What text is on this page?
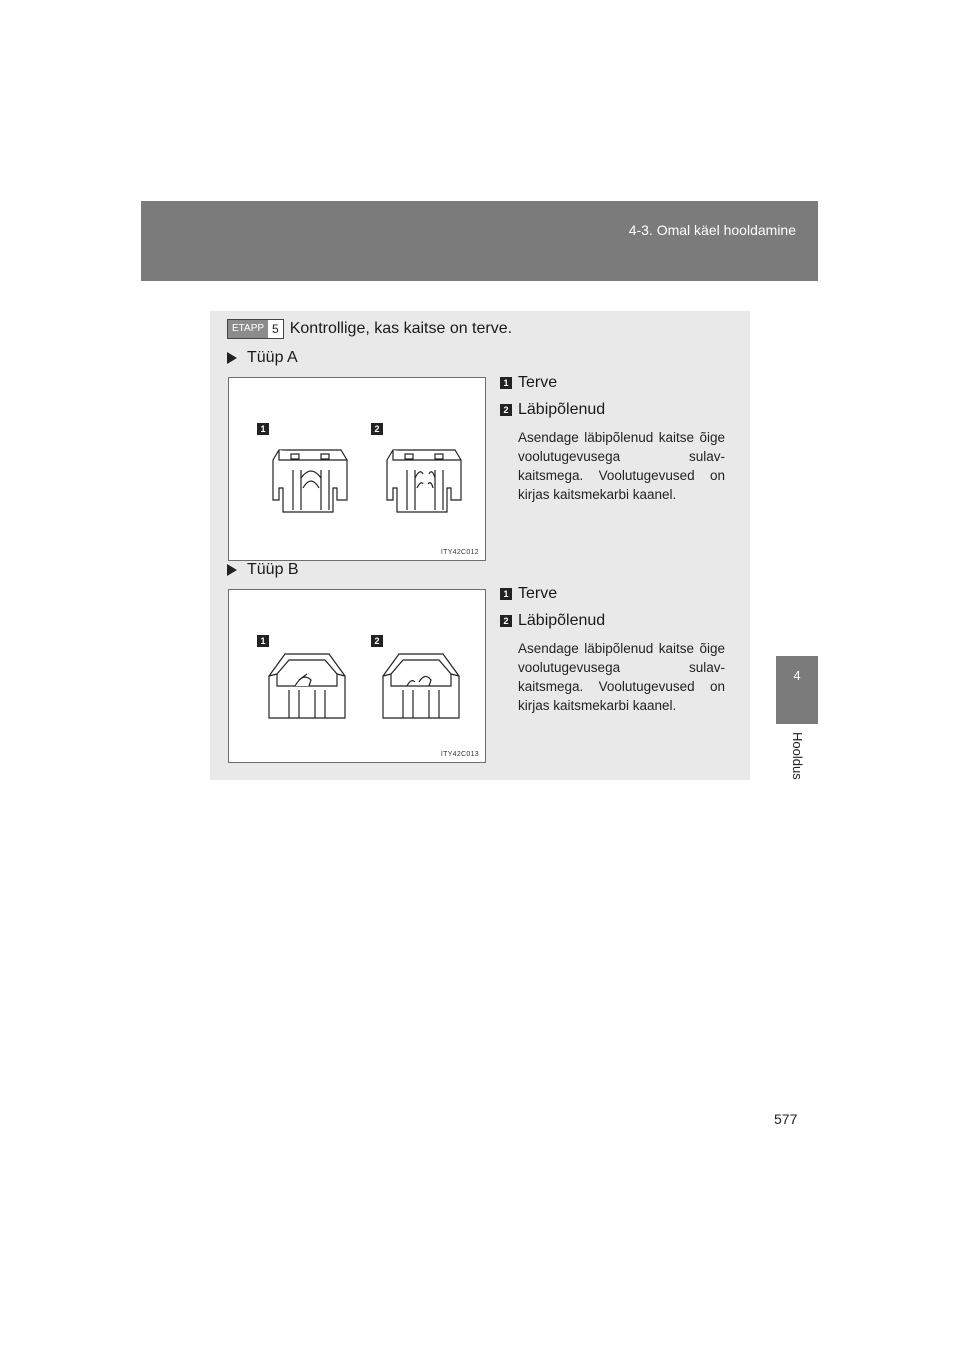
4-3. Omal käel hooldamine
4
Hooldus
ETAPP 5 Kontrollige, kas kaitse on terve.
Tüüp A
1	2
ITY42C012
1 Terve
2 Läbipõlenud
Asendage läbipõlenud kaitse õige voolutugevusega sulav-kaitsmega. Voolutugevused on kirjas kaitsmekarbi kaanel.
Tüüp B
1	2
ITY42C013
1 Terve
2 Läbipõlenud
Asendage läbipõlenud kaitse õige voolutugevusega sulav-kaitsmega. Voolutugevused on kirjas kaitsmekarbi kaanel.
577
